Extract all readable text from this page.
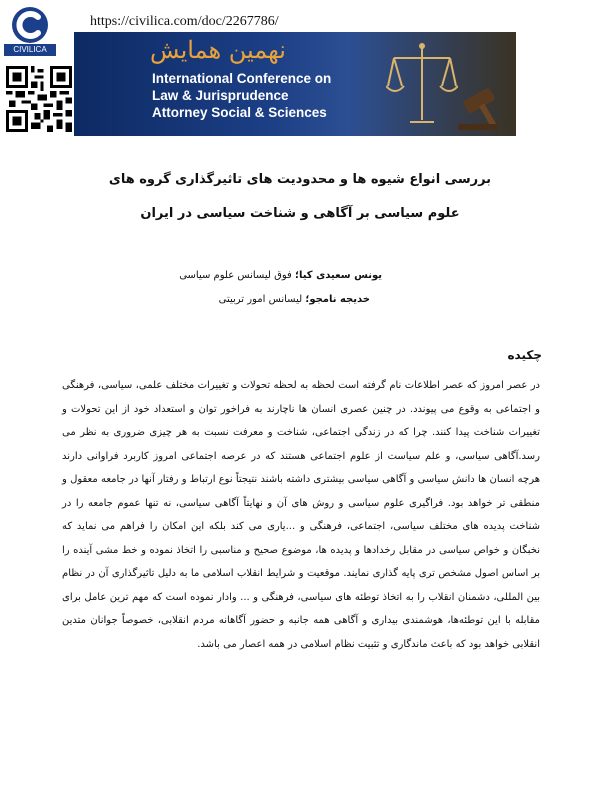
CIVILICA
https://civilica.com/doc/2267786/
نهمین همایش
International Conference on
Law & Jurisprudence
Attorney Social & Sciences
بررسی انواع شیوه ها و محدودیت های تاثیرگذاری گروه های
علوم سیاسی بر آگاهی و شناخت سیاسی در ایران
یونس سعیدی کیا؛ فوق لیسانس علوم سیاسی
خدیجه نامجو؛ لیسانس امور تربیتی
چکیده

در عصر امروز که عصر اطلاعات نام گرفته است لحظه به لحظه تحولات و تغییرات مختلف علمی، سیاسی، فرهنگی و اجتماعی به وقوع می پیوندد. در چنین عصری انسان ها ناچارند به فراخور توان و استعداد خود از این تحولات و تغییرات شناخت پیدا کنند. چرا که در زندگی اجتماعی، شناخت و معرفت نسبت به هر چیزی ضروری به نظر می رسد.آگاهی سیاسی، و علم سیاست از علوم اجتماعی هستند که در عرصه اجتماعی امروز کاربرد فراوانی دارند هرچه انسان ها دانش سیاسی و آگاهی سیاسی بیشتری داشته باشند نتیجتاً نوع ارتباط و رفتار آنها در جامعه معقول و منطقی تر خواهد بود. فراگیری علوم سیاسی و روش های آن و نهایتاً آگاهی سیاسی، نه تنها عموم جامعه را در شناخت پدیده های مختلف سیاسی، اجتماعی، فرهنگی و ...یاری می کند بلکه این امکان را فراهم می نماید که نخبگان و خواص سیاسی در مقابل رخدادها و پدیده ها، موضوع صحیح و مناسبی را اتخاذ نموده و خط مشی آینده را بر اساس اصول مشخص تری پایه گذاری نمایند. موقعیت و شرایط انقلاب اسلامی ما به دلیل تاثیرگذاری آن در نظام بین المللی، دشمنان انقلاب را به اتخاذ توطئه های سیاسی، فرهنگی و ... وادار نموده است که مهم ترین عامل برای مقابله با این توطئه‌ها، هوشمندی بیداری و آگاهی همه جانبه و حضور آگاهانه مردم انقلابی، خصوصاً جوانان متدین انقلابی خواهد بود که باعث ماندگاری و تثبیت نظام اسلامی در همه اعصار می باشد.
